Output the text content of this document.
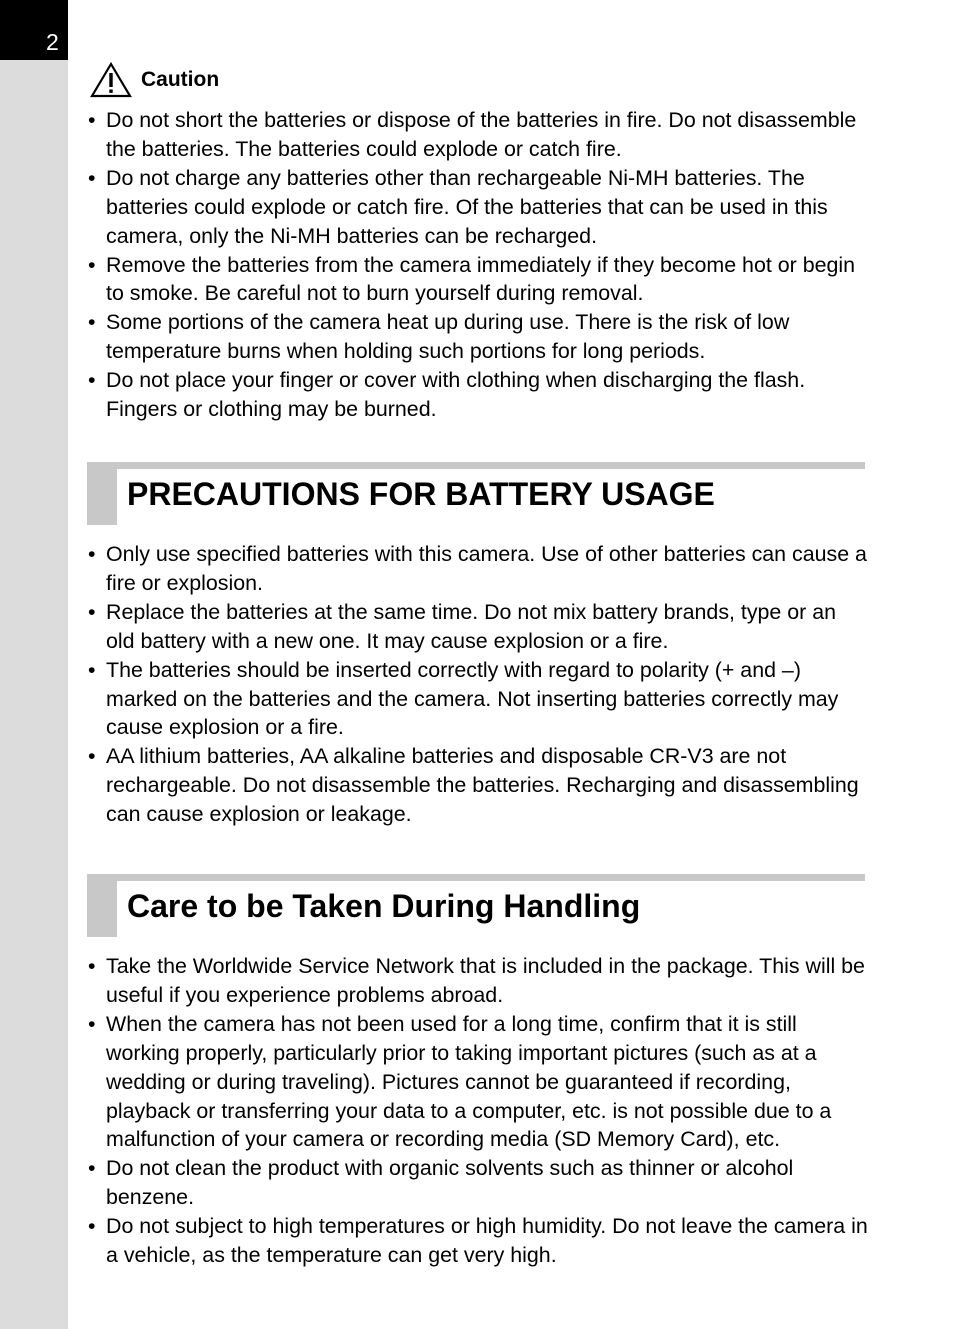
2
Caution
• Do not short the batteries or dispose of the batteries in fire. Do not disassemble the batteries. The batteries could explode or catch fire.
• Do not charge any batteries other than rechargeable Ni-MH batteries. The batteries could explode or catch fire. Of the batteries that can be used in this camera, only the Ni-MH batteries can be recharged.
• Remove the batteries from the camera immediately if they become hot or begin to smoke. Be careful not to burn yourself during removal.
• Some portions of the camera heat up during use. There is the risk of low temperature burns when holding such portions for long periods.
• Do not place your finger or cover with clothing when discharging the flash. Fingers or clothing may be burned.
PRECAUTIONS FOR BATTERY USAGE
• Only use specified batteries with this camera. Use of other batteries can cause a fire or explosion.
• Replace the batteries at the same time. Do not mix battery brands, type or an old battery with a new one. It may cause explosion or a fire.
• The batteries should be inserted correctly with regard to polarity (+ and –) marked on the batteries and the camera. Not inserting batteries correctly may cause explosion or a fire.
• AA lithium batteries, AA alkaline batteries and disposable CR-V3 are not rechargeable. Do not disassemble the batteries. Recharging and disassembling can cause explosion or leakage.
Care to be Taken During Handling
• Take the Worldwide Service Network that is included in the package. This will be useful if you experience problems abroad.
• When the camera has not been used for a long time, confirm that it is still working properly, particularly prior to taking important pictures (such as at a wedding or during traveling). Pictures cannot be guaranteed if recording, playback or transferring your data to a computer, etc. is not possible due to a malfunction of your camera or recording media (SD Memory Card), etc.
• Do not clean the product with organic solvents such as thinner or alcohol benzene.
• Do not subject to high temperatures or high humidity. Do not leave the camera in a vehicle, as the temperature can get very high.
